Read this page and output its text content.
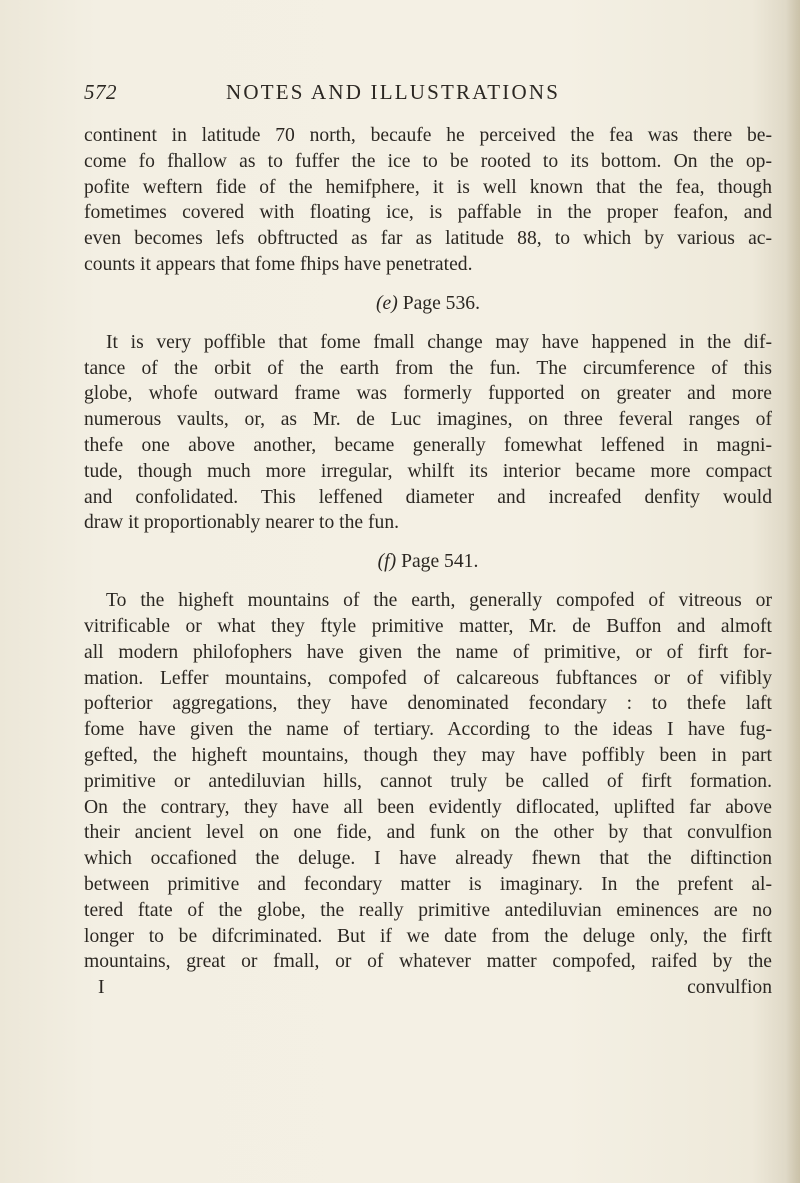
572	NOTES AND ILLUSTRATIONS
continent in latitude 70 north, becaufe he perceived the fea was there be-
come fo fhallow as to fuffer the ice to be rooted to its bottom. On the op-
pofite weftern fide of the hemifphere, it is well known that the fea, though
fometimes covered with floating ice, is paffable in the proper feafon, and
even becomes lefs obftructed as far as latitude 88, to which by various ac-
counts it appears that fome fhips have penetrated.
(e) Page 536.
It is very poffible that fome fmall change may have happened in the dif-
tance of the orbit of the earth from the fun. The circumference of this
globe, whofe outward frame was formerly fupported on greater and more
numerous vaults, or, as Mr. de Luc imagines, on three feveral ranges of
thefe one above another, became generally fomewhat leffened in magni-
tude, though much more irregular, whilft its interior became more compact
and confolidated. This leffened diameter and increafed denfity would
draw it proportionably nearer to the fun.
(f) Page 541.
To the higheft mountains of the earth, generally compofed of vitreous or
vitrificable or what they ftyle primitive matter, Mr. de Buffon and almoft
all modern philofophers have given the name of primitive, or of firft for-
mation. Leffer mountains, compofed of calcareous fubftances or of vifibly
pofterior aggregations, they have denominated fecondary : to thefe laft
fome have given the name of tertiary. According to the ideas I have fug-
gefted, the higheft mountains, though they may have poffibly been in part
primitive or antediluvian hills, cannot truly be called of firft formation.
On the contrary, they have all been evidently diflocated, uplifted far above
their ancient level on one fide, and funk on the other by that convulfion
which occafioned the deluge. I have already fhewn that the diftinction
between primitive and fecondary matter is imaginary. In the prefent al-
tered ftate of the globe, the really primitive antediluvian eminences are no
longer to be difcriminated. But if we date from the deluge only, the firft
mountains, great or fmall, or of whatever matter compofed, raifed by the
I	convulfion
